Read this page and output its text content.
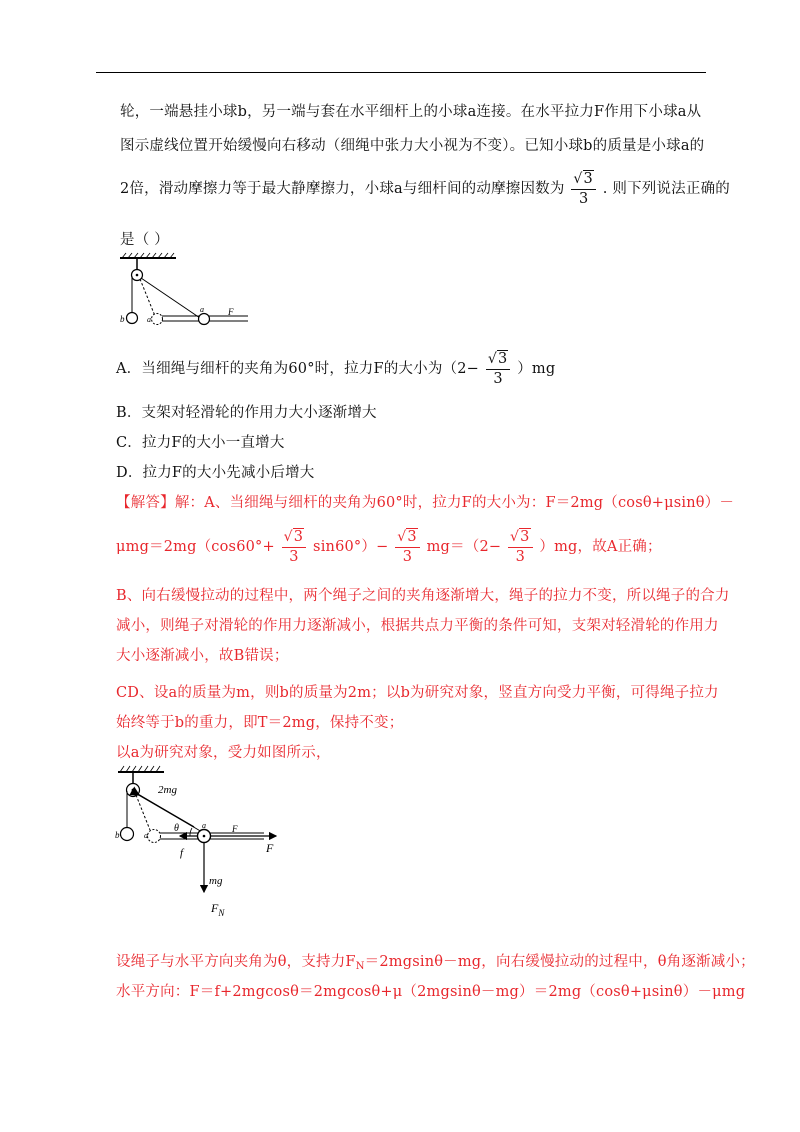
轮，一端悬挂小球b，另一端与套在水平细杆上的小球a连接。在水平拉力F作用下小球a从
图示虚线位置开始缓慢向右移动（细绳中张力大小视为不变）。已知小球b的质量是小球a的
2倍，滑动摩擦力等于最大静摩擦力，小球a与细杆间的动摩擦因数为 $\frac{√3}{3}$ . 则下列说法正确的
是（ ）
b	a
a	F
A．当细绳与细杆的夹角为60°时，拉力F的大小为$(2- \frac{√3}{3} )mg$
B．支架对轻滑轮的作用力大小逐渐增大
C．拉力F的大小一直增大
D．拉力F的大小先减小后增大
【解答】解：A、当细绳与细杆的夹角为60°时，拉力F的大小为：F＝2mg（cosθ+μsinθ）－
$\mu mg=2mg(\cos 60^\circ+ \frac{√3}{3} \sin 60^\circ)- \frac{√3}{3} mg=(2- \frac{√3}{3} )mg$，故A正确；
B、向右缓慢拉动的过程中，两个绳子之间的夹角逐渐增大，绳子的拉力不变，所以绳子的合力
减小，则绳子对滑轮的作用力逐渐减小，根据共点力平衡的条件可知，支架对轻滑轮的作用力
大小逐渐减小，故B错误；
CD、设a的质量为m，则b的质量为2m；以b为研究对象，竖直方向受力平衡，可得绳子拉力
始终等于b的重力，即T＝2mg，保持不变；
以a为研究对象，受力如图所示，
2mg
b	a
θ	a	F
F
f
mg
$F_N$
设绳子与水平方向夹角为θ，支持力$F_N=2mgsin\theta-mg$，向右缓慢拉动的过程中，θ角逐渐减小；
水平方向：F＝f+2mgcosθ＝2mgcosθ+μ（2mgsinθ－mg）＝2mg（cosθ+μsinθ）－μmg
